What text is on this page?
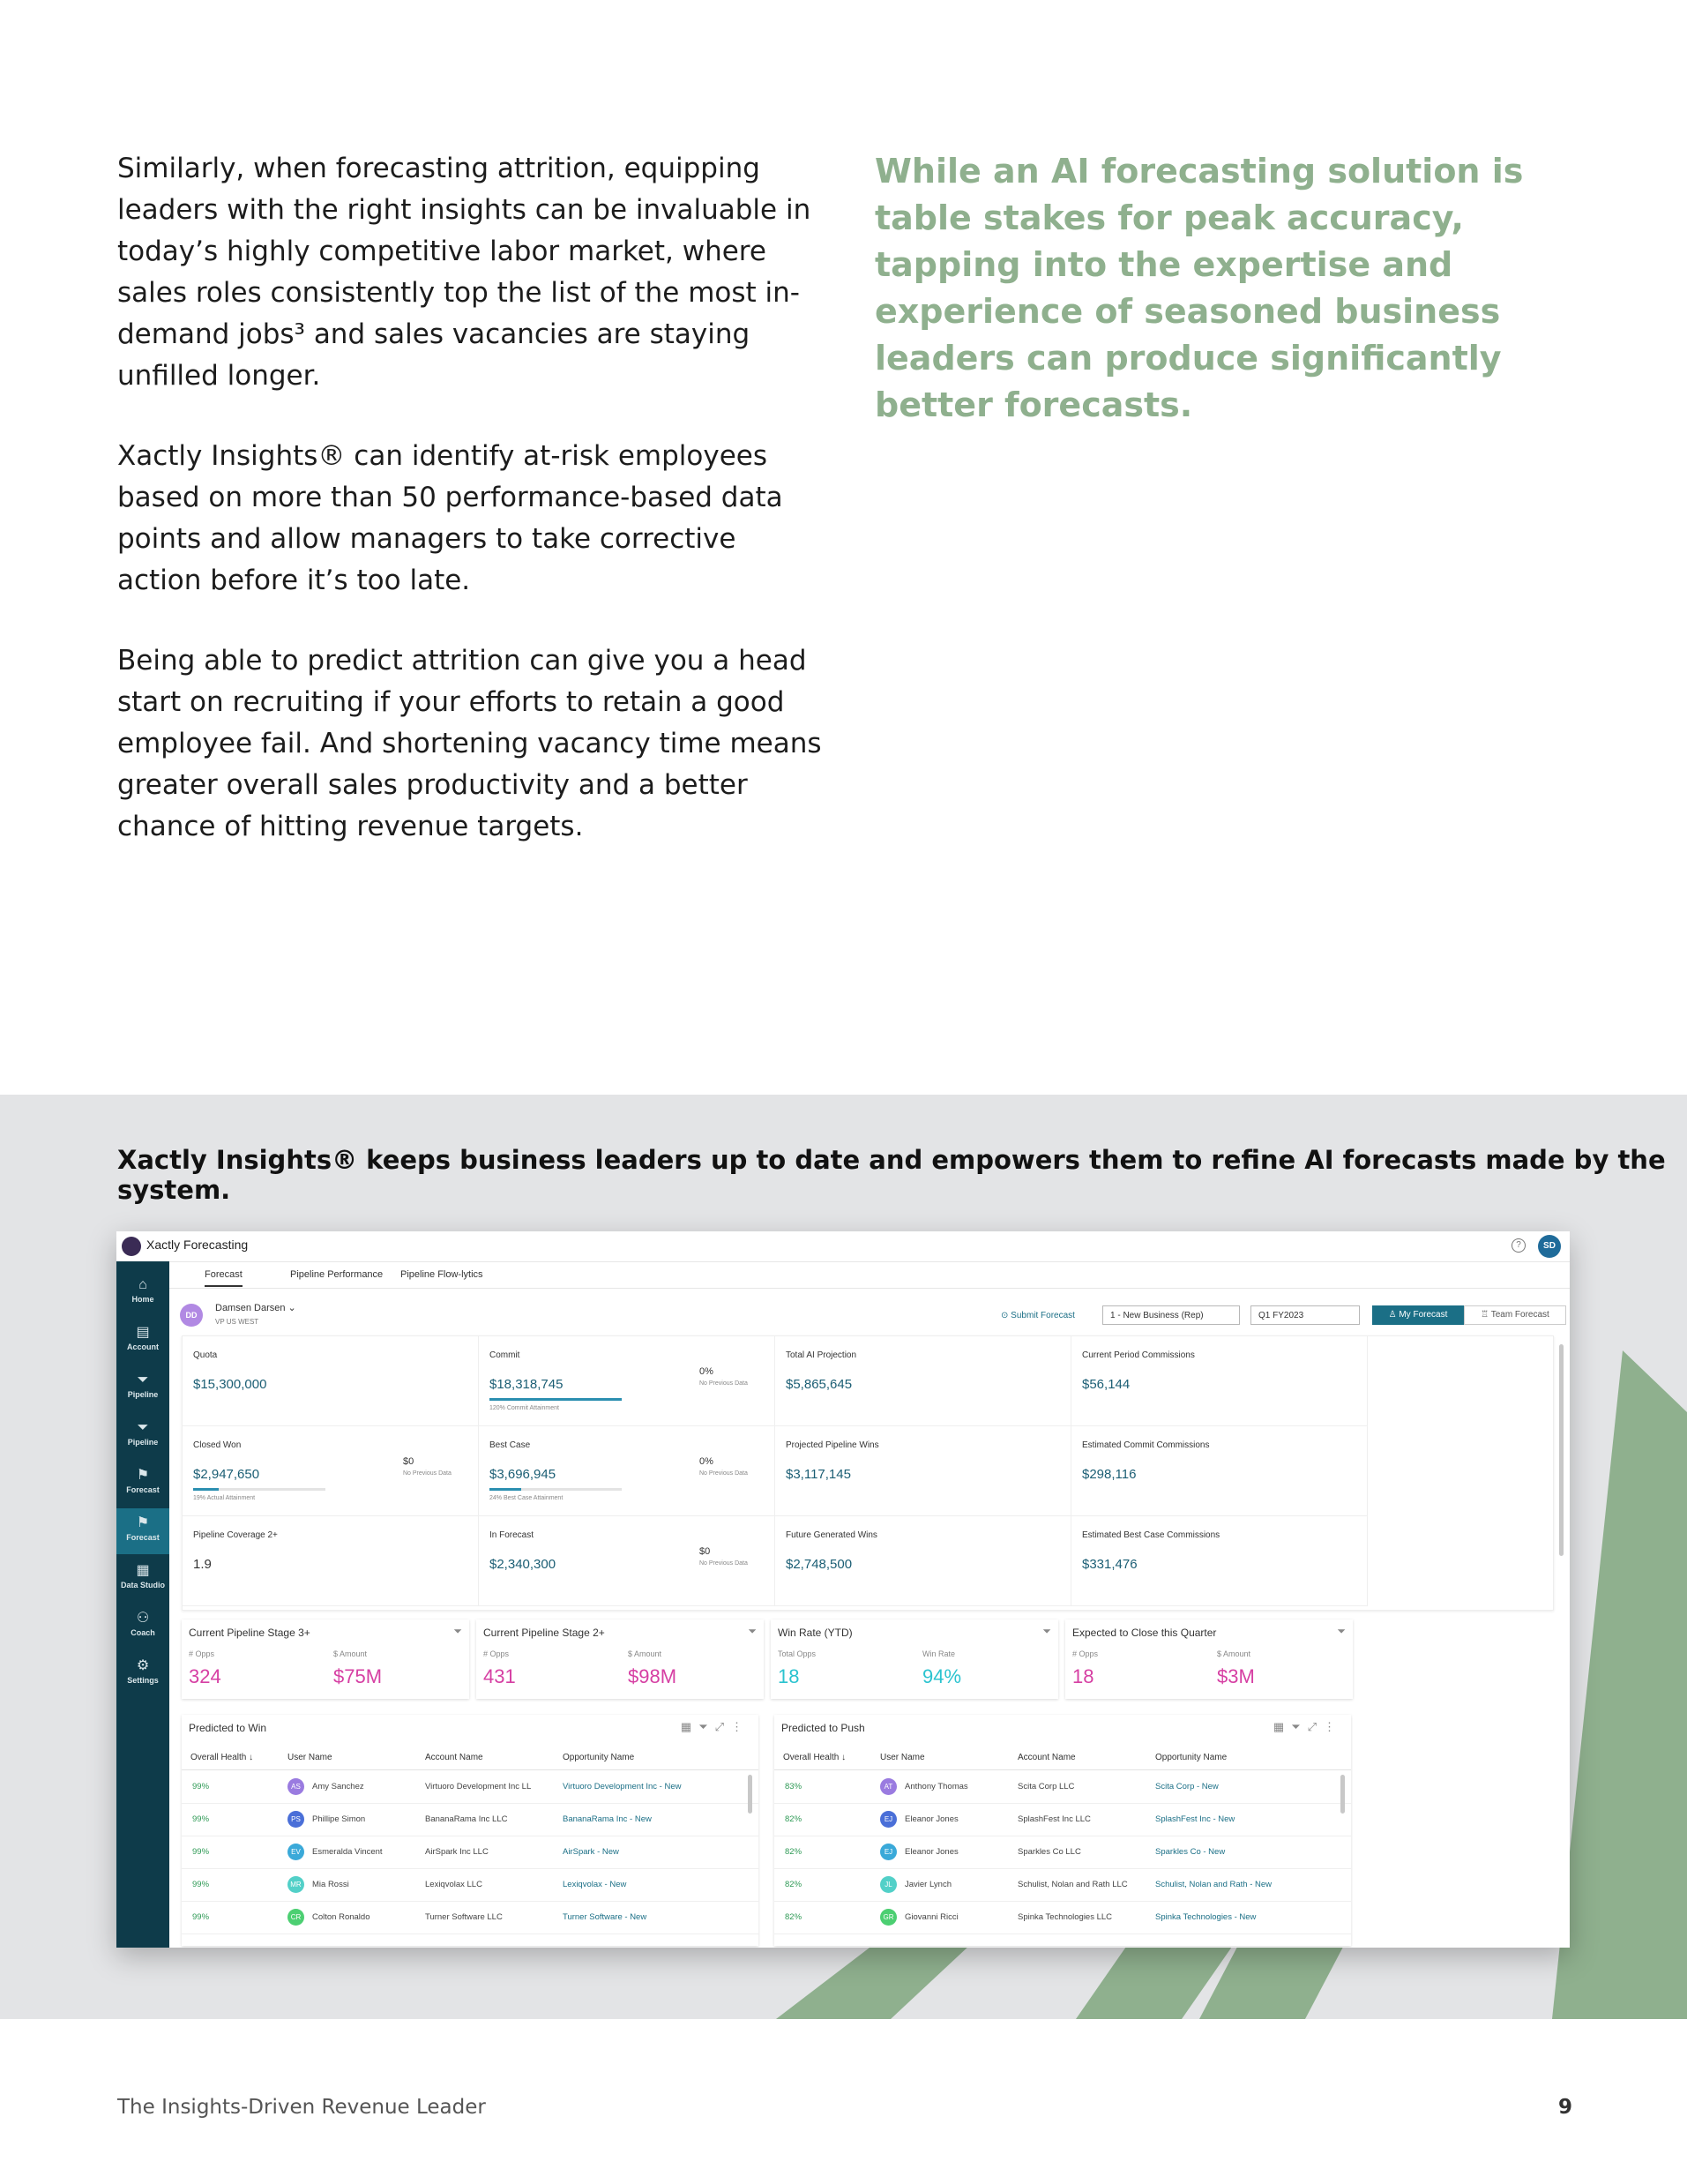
Similarly, when forecasting attrition, equipping leaders with the right insights can be invaluable in today’s highly competitive labor market, where sales roles consistently top the list of the most in-demand jobs³ and sales vacancies are staying unfilled longer.

Xactly Insights® can identify at-risk employees based on more than 50 performance-based data points and allow managers to take corrective action before it’s too late.

Being able to predict attrition can give you a head start on recruiting if your efforts to retain a good employee fail. And shortening vacancy time means greater overall sales productivity and a better chance of hitting revenue targets.

While an AI forecasting solution is table stakes for peak accuracy, tapping into the expertise and experience of seasoned business leaders can produce significantly better forecasts.
Xactly Insights® keeps business leaders up to date and empowers them to refine AI forecasts made by the system.
Xactly Forecasting	?	SD
⌂
Home
▤
Account
⏷
Pipeline
⏷
Pipeline
⚑
Forecast
⚑
Forecast
▦
Data Studio
⚇
Coach
⚙
Settings
Forecast	Pipeline Performance Pipeline Flow-lytics
DD
Damsen Darsen ⌄
VP US WEST
⊙ Submit Forecast	1 - New Business (Rep)	Q1 FY2023	♙ My Forecast	♖ Team Forecast
Quota
$15,300,000
Commit
$18,318,745
0%
No Previous Data
120% Commit Attainment
Total AI Projection
$5,865,645
Current Period Commissions
$56,144
Closed Won
$2,947,650
$0
No Previous Data
19% Actual Attainment
Best Case
$3,696,945
0%
No Previous Data
24% Best Case Attainment
Projected Pipeline Wins
$3,117,145
Estimated Commit Commissions
$298,116
Pipeline Coverage 2+
1.9
In Forecast
$2,340,300
$0
No Previous Data
Future Generated Wins
$2,748,500
Estimated Best Case Commissions
$331,476
Current Pipeline Stage 3+	⏷
# Opps	$ Amount
324	$75M
Current Pipeline Stage 2+	⏷
# Opps	$ Amount
431	$98M
Win Rate (YTD)	⏷
Total Opps	Win Rate
18	94%
Expected to Close this Quarter	⏷
# Opps	$ Amount
18	$3M
Predicted to Win	▦⏷⤢⋮
Overall Health ↓	User Name	Account Name	Opportunity Name
99%	AS	Amy Sanchez	Virtuoro Development Inc LL	Virtuoro Development Inc - New
99%	PS	Phillipe Simon	BananaRama Inc LLC	BananaRama Inc - New
99%	EV	Esmeralda Vincent	AirSpark Inc LLC	AirSpark - New
99%	MR	Mia Rossi	Lexiqvolax LLC	Lexiqvolax - New
99%	CR	Colton Ronaldo	Turner Software LLC	Turner Software - New
Predicted to Push	▦⏷⤢⋮
Overall Health ↓	User Name	Account Name	Opportunity Name
83%	AT	Anthony Thomas	Scita Corp LLC	Scita Corp - New
82%	EJ	Eleanor Jones	SplashFest Inc LLC	SplashFest Inc - New
82%	EJ	Eleanor Jones	Sparkles Co LLC	Sparkles Co - New
82%	JL	Javier Lynch	Schulist, Nolan and Rath LLC	Schulist, Nolan and Rath - New
82%	GR	Giovanni Ricci	Spinka Technologies LLC	Spinka Technologies - New
The Insights-Driven Revenue Leader	9
